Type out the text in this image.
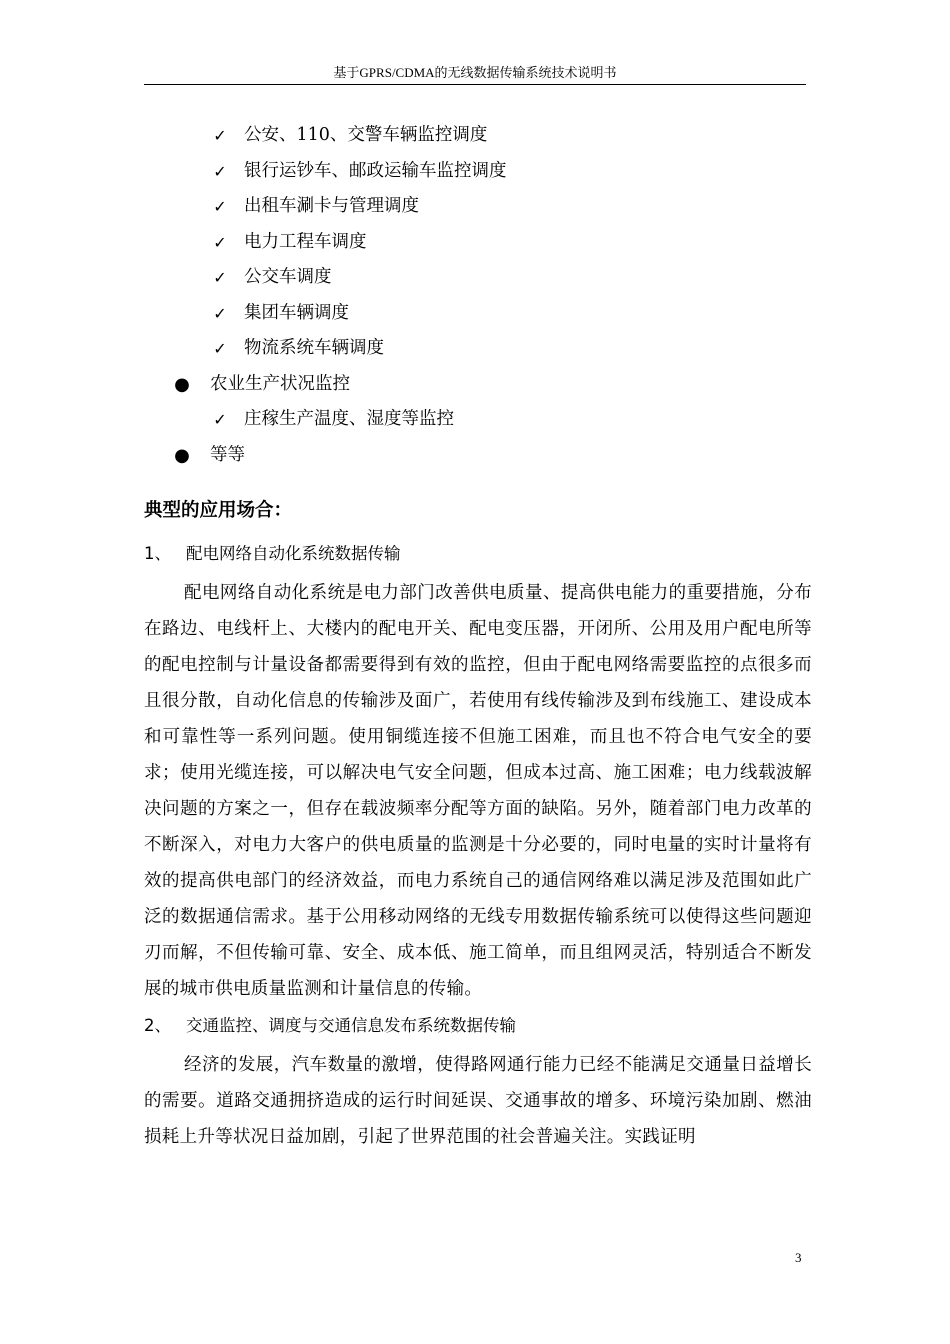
基于GPRS/CDMA的无线数据传输系统技术说明书
✓ 公安、110、交警车辆监控调度
✓ 银行运钞车、邮政运输车监控调度
✓ 出租车涮卡与管理调度
✓ 电力工程车调度
✓ 公交车调度
✓ 集团车辆调度
✓ 物流系统车辆调度
● 农业生产状况监控
✓ 庄稼生产温度、湿度等监控
● 等等
典型的应用场合：
1、 配电网络自动化系统数据传输

配电网络自动化系统是电力部门改善供电质量、提高供电能力的重要措施，分布在路边、电线杆上、大楼内的配电开关、配电变压器，开闭所、公用及用户配电所等的配电控制与计量设备都需要得到有效的监控，但由于配电网络需要监控的点很多而且很分散，自动化信息的传输涉及面广，若使用有线传输涉及到布线施工、建设成本和可靠性等一系列问题。使用铜缆连接不但施工困难，而且也不符合电气安全的要求；使用光缆连接，可以解决电气安全问题，但成本过高、施工困难；电力线载波解决问题的方案之一，但存在载波频率分配等方面的缺陷。另外，随着部门电力改革的不断深入，对电力大客户的供电质量的监测是十分必要的，同时电量的实时计量将有效的提高供电部门的经济效益，而电力系统自己的通信网络难以满足涉及范围如此广泛的数据通信需求。基于公用移动网络的无线专用数据传输系统可以使得这些问题迎刃而解，不但传输可靠、安全、成本低、施工简单，而且组网灵活，特别适合不断发展的城市供电质量监测和计量信息的传输。

2、 交通监控、调度与交通信息发布系统数据传输

经济的发展，汽车数量的激增，使得路网通行能力已经不能满足交通量日益增长的需要。道路交通拥挤造成的运行时间延误、交通事故的增多、环境污染加剧、燃油损耗上升等状况日益加剧，引起了世界范围的社会普遍关注。实践证明

3
